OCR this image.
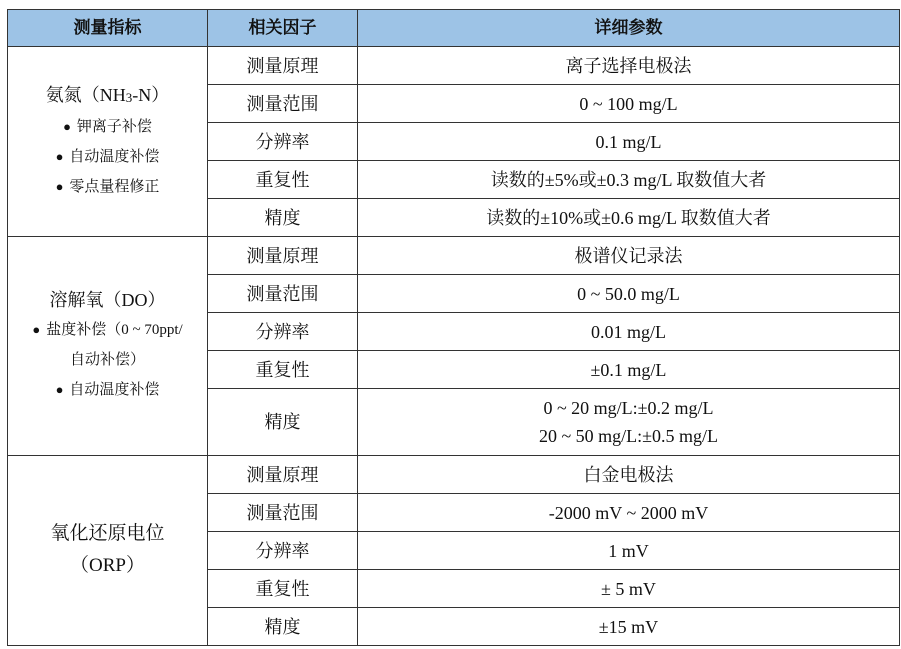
测量指标	相关因子	详细参数

氨氮$(NH_3-N)$
● 钾离子补偿
● 自动温度补偿
● 零点量程修正	测量原理	离子选择电极法
	测量范围	0 ~ 100 mg/L
	分辨率	0.1 mg/L
	重复性	读数的±5%或±0.3 mg/L 取数值大者
	精度	读数的±10%或±0.6 mg/L 取数值大者

溶解氧（DO）
● 盐度补偿（0 ~ 70ppt/
自动补偿）
● 自动温度补偿	测量原理	极谱仪记录法
	测量范围	0 ~ 50.0 mg/L
	分辨率	0.01 mg/L
	重复性	±0.1 mg/L
	精度	0 ~ 20 mg/L:±0.2 mg/L
20 ~ 50 mg/L:±0.5 mg/L

氧化还原电位
（ORP）	测量原理	白金电极法
	测量范围	-2000 mV ~ 2000 mV
	分辨率	1 mV
	重复性	± 5 mV
	精度	±15 mV
